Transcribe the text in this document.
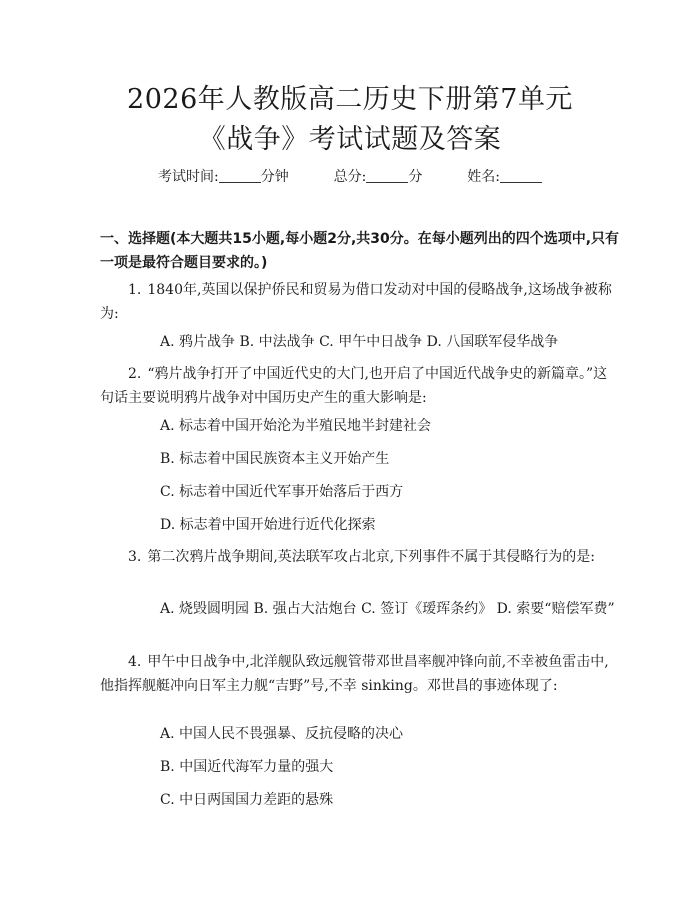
2026年人教版高二历史下册第7单元《战争》考试试题及答案
考试时间:	分钟	总分:	分	姓名:

一、选择题(本大题共15小题,每小题2分,共30分。在每小题列出的四个选项中,只有一项是最符合题目要求的。)

1. 1840年,英国以保护侨民和贸易为借口发动对中国的侵略战争,这场战争被称为:

A. 鸦片战争 B. 中法战争 C. 甲午中日战争 D. 八国联军侵华战争

2. “鸦片战争打开了中国近代史的大门,也开启了中国近代战争史的新篇章。”这句话主要说明鸦片战争对中国历史产生的重大影响是:

A. 标志着中国开始沦为半殖民地半封建社会

B. 标志着中国民族资本主义开始产生

C. 标志着中国近代军事开始落后于西方

D. 标志着中国开始进行近代化探索

3. 第二次鸦片战争期间,英法联军攻占北京,下列事件不属于其侵略行为的是:

A. 烧毁圆明园 B. 强占大沽炮台 C. 签订《瑷珲条约》 D. 索要“赔偿军费”

4. 甲午中日战争中,北洋舰队致远舰管带邓世昌率舰冲锋向前,不幸被鱼雷击中,他指挥舰艇冲向日军主力舰“吉野”号,不幸 sinking。邓世昌的事迹体现了:

A. 中国人民不畏强暴、反抗侵略的决心

B. 中国近代海军力量的强大

C. 中日两国国力差距的悬殊
